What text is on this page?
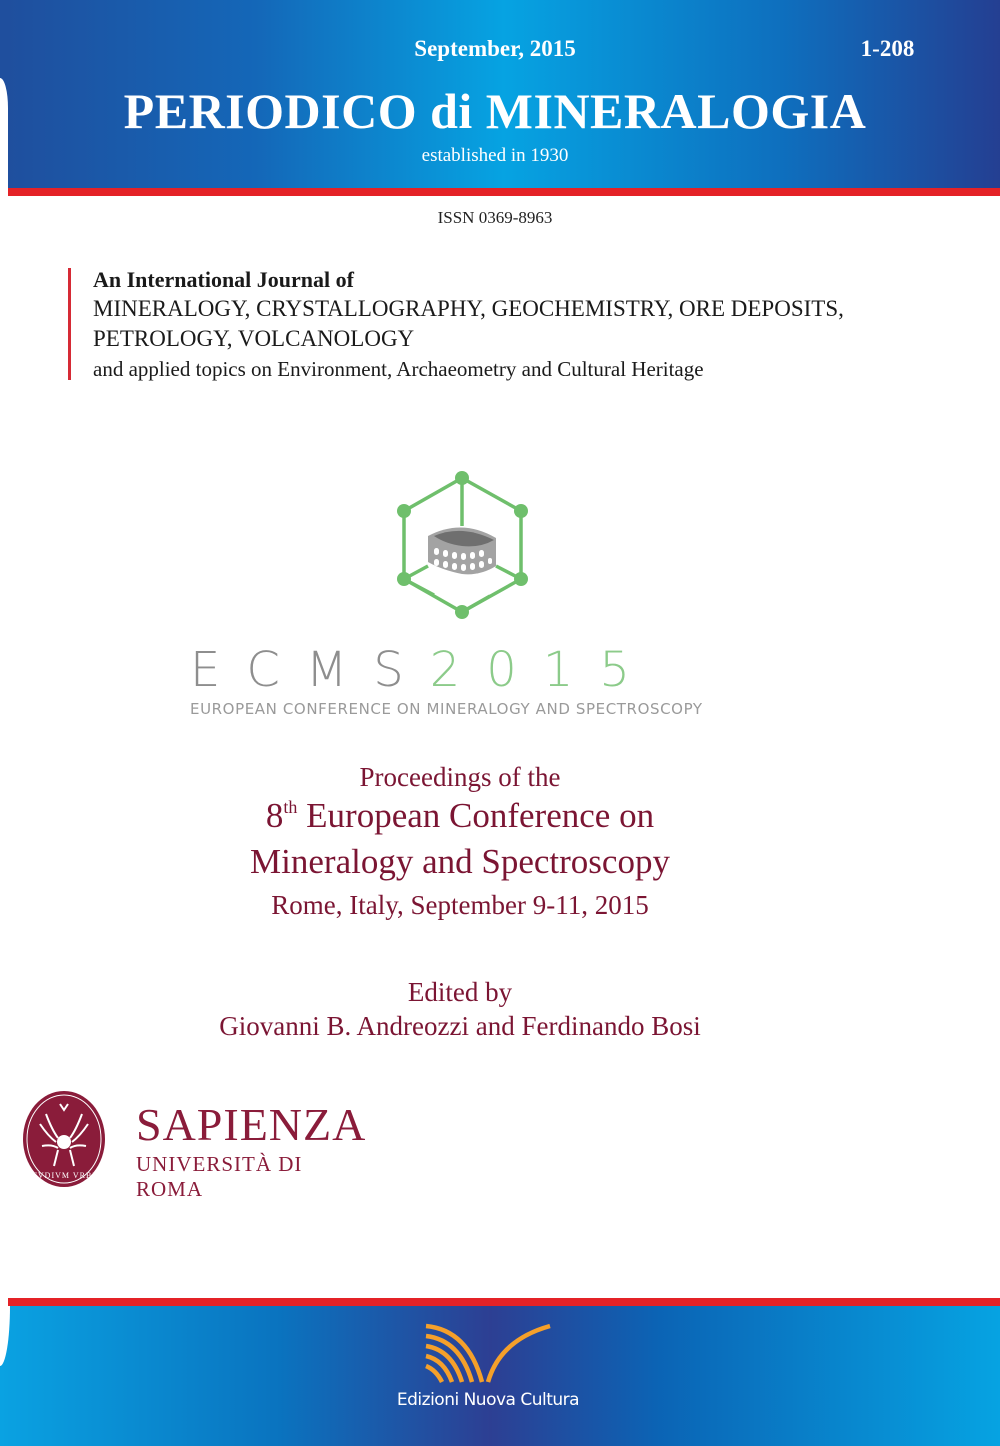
September, 2015	1-208
PERIODICO di MINERALOGIA
established in 1930
ISSN 0369-8963
An International Journal of
MINERALOGY, CRYSTALLOGRAPHY, GEOCHEMISTRY, ORE DEPOSITS,
PETROLOGY, VOLCANOLOGY
and applied topics on Environment, Archaeometry and Cultural Heritage
ECMS2015
EUROPEAN CONFERENCE ON MINERALOGY AND SPECTROSCOPY
Proceedings of the
8th European Conference on
Mineralogy and Spectroscopy
Rome, Italy, September 9-11, 2015
Edited by
Giovanni B. Andreozzi and Ferdinando Bosi
STVDIVM VRBIS
SAPIENZA
UNIVERSITÀ DI ROMA
Edizioni Nuova Cultura
